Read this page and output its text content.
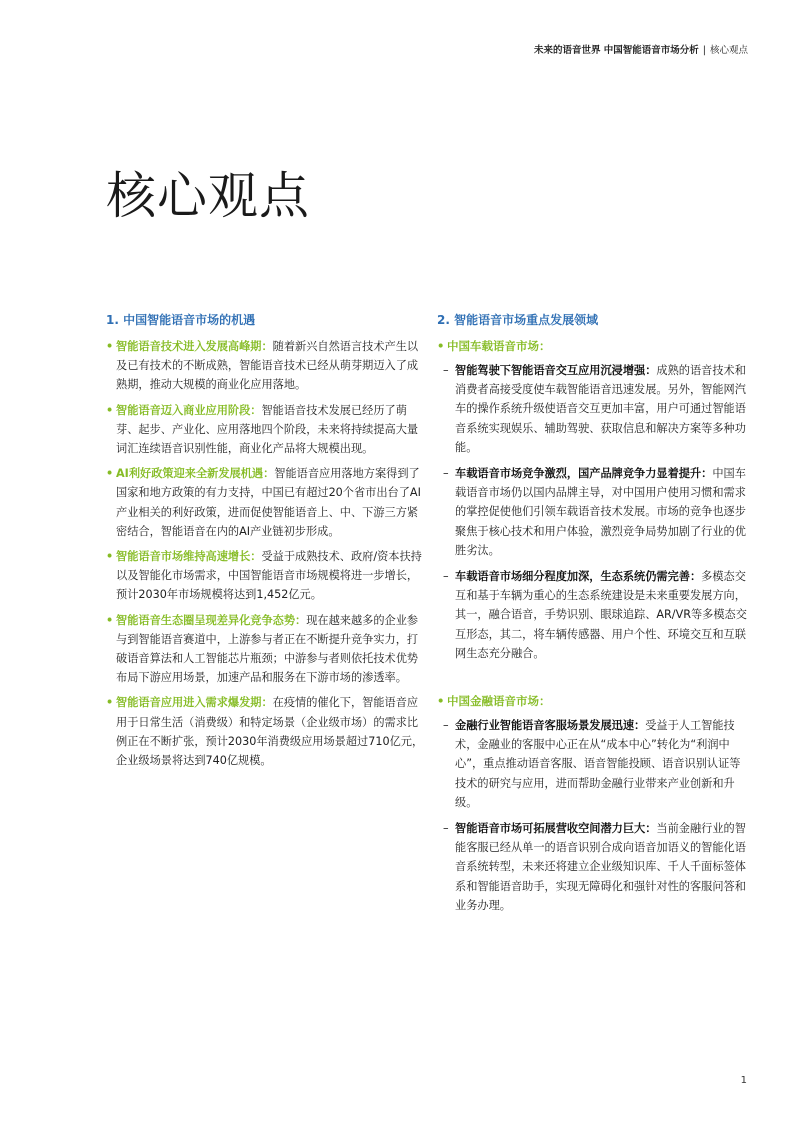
未来的语音世界 中国智能语音市场分析 | 核心观点
核心观点
1. 中国智能语音市场的机遇
• 智能语音技术进入发展高峰期：随着新兴自然语言技术产生以及已有技术的不断成熟，智能语音技术已经从萌芽期迈入了成熟期，推动大规模的商业化应用落地。
• 智能语音迈入商业应用阶段：智能语音技术发展已经历了萌芽、起步、产业化、应用落地四个阶段，未来将持续提高大量词汇连续语音识别性能，商业化产品将大规模出现。
• AI利好政策迎来全新发展机遇：智能语音应用落地方案得到了国家和地方政策的有力支持，中国已有超过20个省市出台了AI产业相关的利好政策，进而促使智能语音上、中、下游三方紧密结合，智能语音在内的AI产业链初步形成。
• 智能语音市场维持高速增长：受益于成熟技术、政府/资本扶持以及智能化市场需求，中国智能语音市场规模将进一步增长，预计2030年市场规模将达到1,452亿元。
• 智能语音生态圈呈现差异化竞争态势：现在越来越多的企业参与到智能语音赛道中，上游参与者正在不断提升竞争实力，打破语音算法和人工智能芯片瓶颈；中游参与者则依托技术优势布局下游应用场景，加速产品和服务在下游市场的渗透率。
• 智能语音应用进入需求爆发期：在疫情的催化下，智能语音应用于日常生活（消费级）和特定场景（企业级市场）的需求比例正在不断扩张，预计2030年消费级应用场景超过710亿元，企业级场景将达到740亿规模。
2. 智能语音市场重点发展领域
• 中国车载语音市场：
– 智能驾驶下智能语音交互应用沉浸增强：成熟的语音技术和消费者高接受度使车载智能语音迅速发展。另外，智能网汽车的操作系统升级使语音交互更加丰富，用户可通过智能语音系统实现娱乐、辅助驾驶、获取信息和解决方案等多种功能。
– 车载语音市场竞争激烈，国产品牌竞争力显着提升：中国车载语音市场仍以国内品牌主导，对中国用户使用习惯和需求的掌控促使他们引领车载语音技术发展。市场的竞争也逐步聚焦于核心技术和用户体验，激烈竞争局势加剧了行业的优胜劣汰。
– 车载语音市场细分程度加深，生态系统仍需完善：多模态交互和基于车辆为重心的生态系统建设是未来重要发展方向，其一，融合语音，手势识别、眼球追踪、AR/VR等多模态交互形态，其二，将车辆传感器、用户个性、环境交互和互联网生态充分融合。
• 中国金融语音市场：
– 金融行业智能语音客服场景发展迅速：受益于人工智能技术，金融业的客服中心正在从“成本中心”转化为“利润中心”，重点推动语音客服、语音智能投顾、语音识别认证等技术的研究与应用，进而帮助金融行业带来产业创新和升级。
– 智能语音市场可拓展营收空间潜力巨大：当前金融行业的智能客服已经从单一的语音识别合成向语音加语义的智能化语音系统转型，未来还将建立企业级知识库、千人千面标签体系和智能语音助手，实现无障碍化和强针对性的客服问答和业务办理。
1
